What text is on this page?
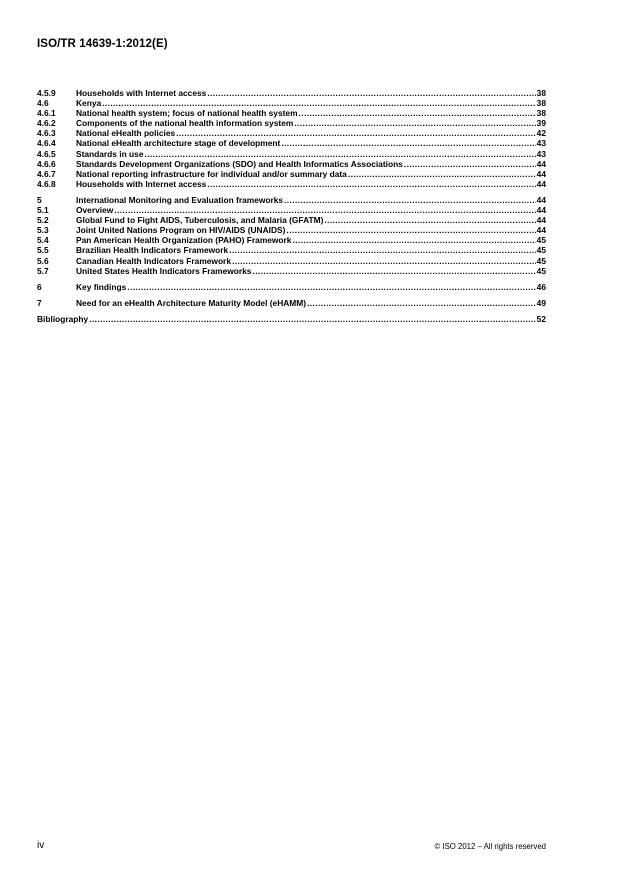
ISO/TR 14639-1:2012(E)
4.5.9	Households with Internet access .....	38
4.6	Kenya .....	38
4.6.1	National health system; focus of national health system .....	38
4.6.2	Components of the national health information system .....	39
4.6.3	National eHealth policies .....	42
4.6.4	National eHealth architecture stage of development .....	43
4.6.5	Standards in use .....	43
4.6.6	Standards Development Organizations (SDO) and Health Informatics Associations .....	44
4.6.7	National reporting infrastructure for individual and/or summary data .....	44
4.6.8	Households with Internet access .....	44
5	International Monitoring and Evaluation frameworks .....	44
5.1	Overview .....	44
5.2	Global Fund to Fight AIDS, Tuberculosis, and Malaria (GFATM) .....	44
5.3	Joint United Nations Program on HIV/AIDS (UNAIDS) .....	44
5.4	Pan American Health Organization (PAHO) Framework .....	45
5.5	Brazilian Health Indicators Framework .....	45
5.6	Canadian Health Indicators Framework .....	45
5.7	United States Health Indicators Frameworks .....	45
6	Key findings .....	46
7	Need for an eHealth Architecture Maturity Model (eHAMM) .....	49
Bibliography .....	52
iv	© ISO 2012 – All rights reserved
